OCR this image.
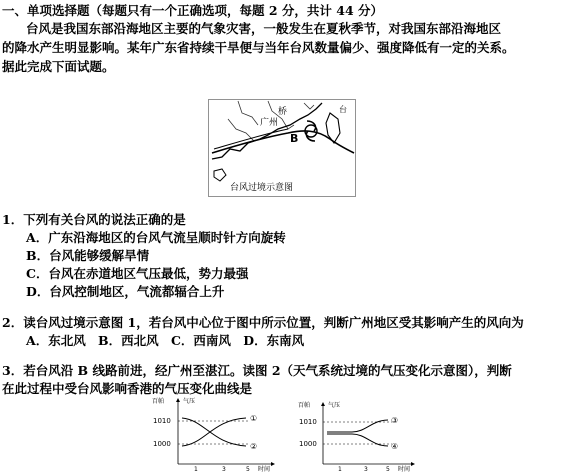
一、单项选择题（每题只有一个正确选项，每题 2 分，共计 44 分）
台风是我国东部沿海地区主要的气象灾害，一般发生在夏秋季节，对我国东部沿海地区
的降水产生明显影响。某年广东省持续干旱便与当年台风数量偏少、强度降低有一定的关系。
据此完成下面试题。
广 州
桥
B
台
台风过境示意图
1．下列有关台风的说法正确的是
A．广东沿海地区的台风气流呈顺时针方向旋转
B．台风能够缓解旱情
C．台风在赤道地区气压最低，势力最强
D．台风控制地区，气流都辐合上升
2．读台风过境示意图 1，若台风中心位于图中所示位置，判断广州地区受其影响产生的风向为
A．东北风 B．西北风 C．西南风 D．东南风
3．若台风沿 B 线路前进，经广州至湛江。读图 2（天气系统过境的气压变化示意图），判断
在此过程中受台风影响香港的气压变化曲线是
百帕	气压
1010
1000
①
②
1	3	5 时间
百帕	气压
1010
1000
③
④
1	3	5 时间
